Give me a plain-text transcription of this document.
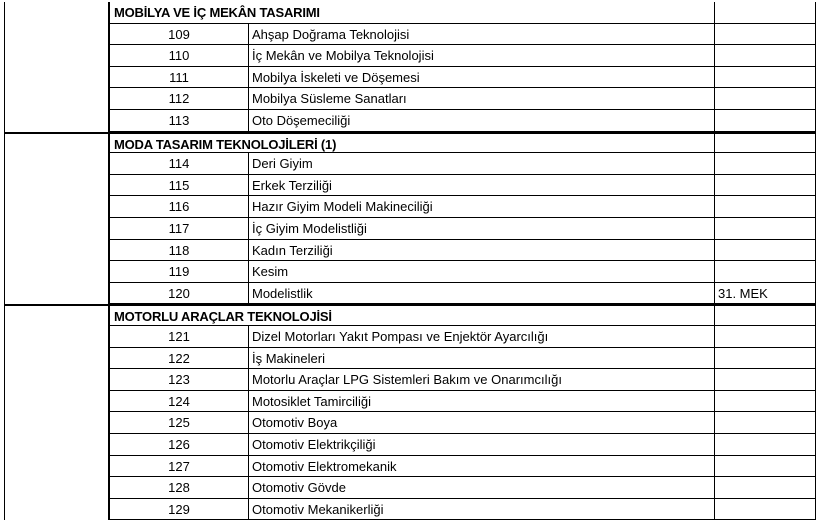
MOBİLYA VE İÇ MEKÂN TASARIMI
109	Ahşap Doğrama Teknolojisi
110	İç Mekân ve Mobilya Teknolojisi
111	Mobilya İskeleti ve Döşemesi
112	Mobilya Süsleme Sanatları
113	Oto Döşemeciliği
MODA TASARIM TEKNOLOJİLERİ (1)
114	Deri Giyim
115	Erkek Terziliği
116	Hazır Giyim Modeli Makineciliği
117	İç Giyim Modelistliği
118	Kadın Terziliği
119	Kesim
120	Modelistlik	31. MEK
MOTORLU ARAÇLAR TEKNOLOJİSİ
121	Dizel Motorları Yakıt Pompası ve Enjektör Ayarcılığı
122	İş Makineleri
123	Motorlu Araçlar LPG Sistemleri Bakım ve Onarımcılığı
124	Motosiklet Tamirciliği
125	Otomotiv Boya
126	Otomotiv Elektrikçiliği
127	Otomotiv Elektromekanik
128	Otomotiv Gövde
129	Otomotiv Mekanikerliği
